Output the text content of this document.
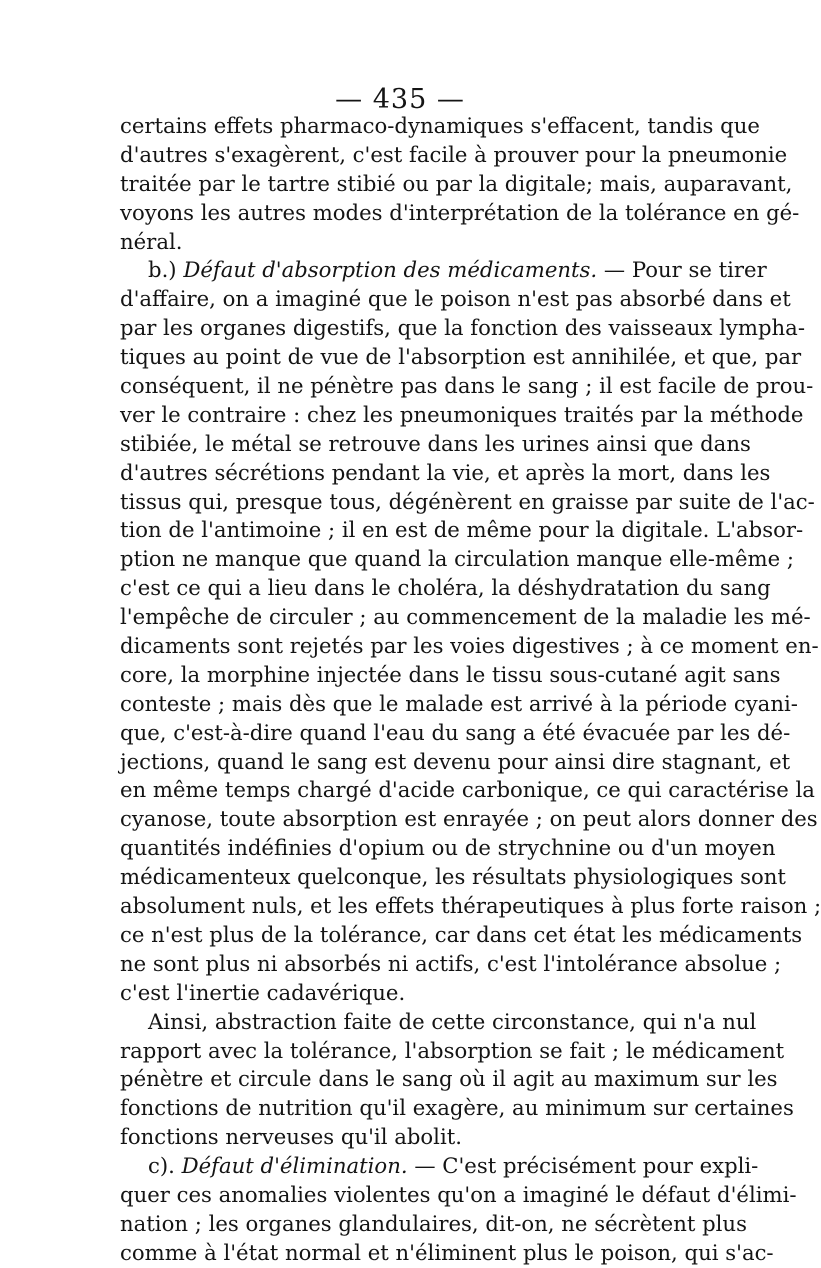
— 435 —
certains effets pharmaco-dynamiques s'effacent, tandis que
d'autres s'exagèrent, c'est facile à prouver pour la pneumonie
traitée par le tartre stibié ou par la digitale; mais, auparavant,
voyons les autres modes d'interprétation de la tolérance en gé-
néral.
b.) Défaut d'absorption des médicaments. — Pour se tirer
d'affaire, on a imaginé que le poison n'est pas absorbé dans et
par les organes digestifs, que la fonction des vaisseaux lympha-
tiques au point de vue de l'absorption est annihilée, et que, par
conséquent, il ne pénètre pas dans le sang ; il est facile de prou-
ver le contraire : chez les pneumoniques traités par la méthode
stibiée, le métal se retrouve dans les urines ainsi que dans
d'autres sécrétions pendant la vie, et après la mort, dans les
tissus qui, presque tous, dégénèrent en graisse par suite de l'ac-
tion de l'antimoine ; il en est de même pour la digitale. L'absor-
ption ne manque que quand la circulation manque elle-même ;
c'est ce qui a lieu dans le choléra, la déshydratation du sang
l'empêche de circuler ; au commencement de la maladie les mé-
dicaments sont rejetés par les voies digestives ; à ce moment en-
core, la morphine injectée dans le tissu sous-cutané agit sans
conteste ; mais dès que le malade est arrivé à la période cyani-
que, c'est-à-dire quand l'eau du sang a été évacuée par les dé-
jections, quand le sang est devenu pour ainsi dire stagnant, et
en même temps chargé d'acide carbonique, ce qui caractérise la
cyanose, toute absorption est enrayée ; on peut alors donner des
quantités indéfinies d'opium ou de strychnine ou d'un moyen
médicamenteux quelconque, les résultats physiologiques sont
absolument nuls, et les effets thérapeutiques à plus forte raison ;
ce n'est plus de la tolérance, car dans cet état les médicaments
ne sont plus ni absorbés ni actifs, c'est l'intolérance absolue ;
c'est l'inertie cadavérique.
Ainsi, abstraction faite de cette circonstance, qui n'a nul
rapport avec la tolérance, l'absorption se fait ; le médicament
pénètre et circule dans le sang où il agit au maximum sur les
fonctions de nutrition qu'il exagère, au minimum sur certaines
fonctions nerveuses qu'il abolit.
c). Défaut d'élimination. — C'est précisément pour expli-
quer ces anomalies violentes qu'on a imaginé le défaut d'élimi-
nation ; les organes glandulaires, dit-on, ne sécrètent plus
comme à l'état normal et n'éliminent plus le poison, qui s'ac-
